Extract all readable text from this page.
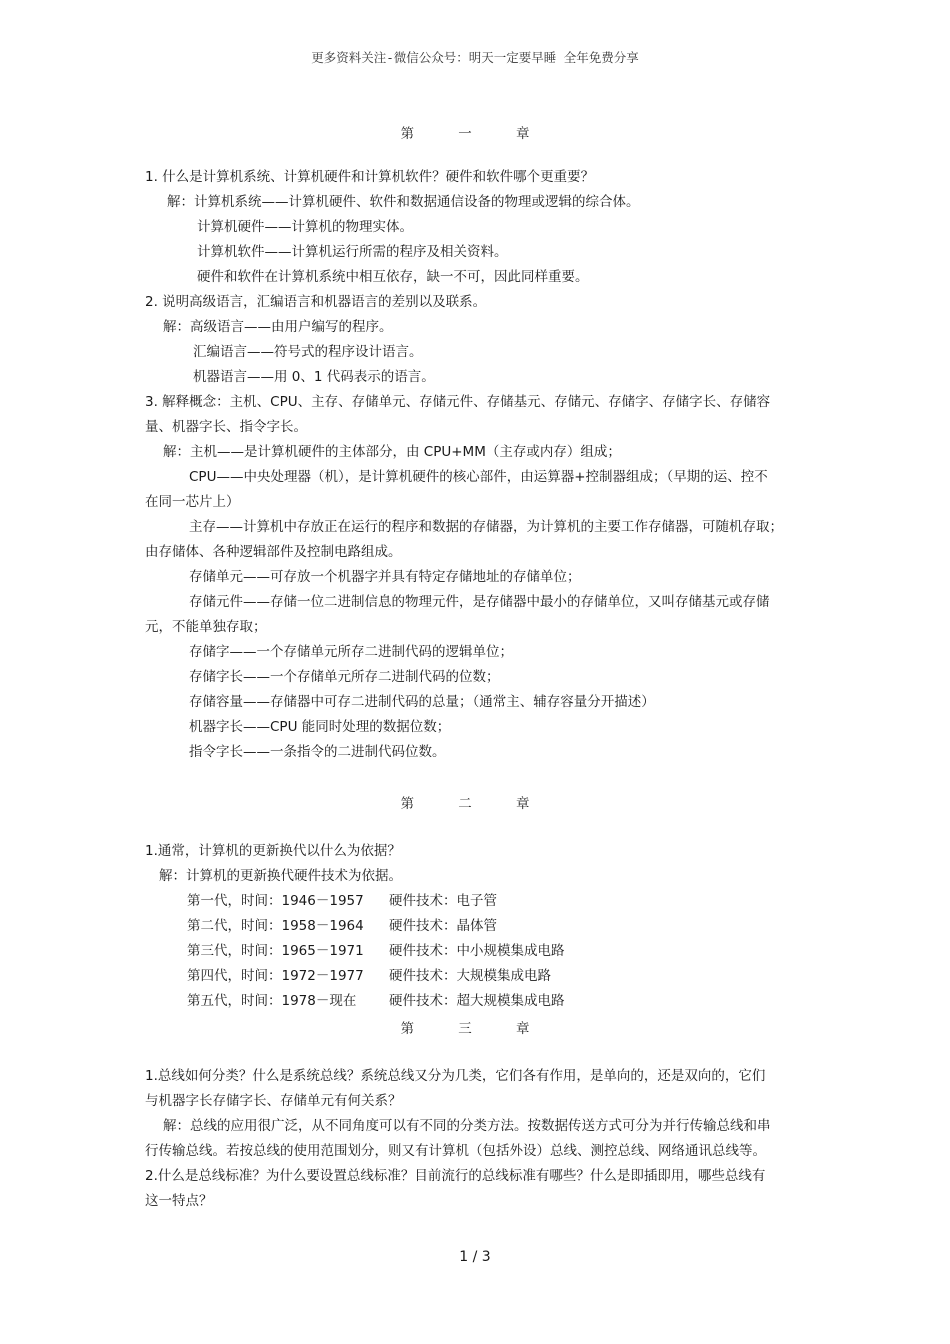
更多资料关注-微信公众号：明天一定要早睡 全年免费分享
第 一 章
1. 什么是计算机系统、计算机硬件和计算机软件？硬件和软件哪个更重要？
解：计算机系统——计算机硬件、软件和数据通信设备的物理或逻辑的综合体。
计算机硬件——计算机的物理实体。
计算机软件——计算机运行所需的程序及相关资料。
硬件和软件在计算机系统中相互依存，缺一不可，因此同样重要。
2. 说明高级语言，汇编语言和机器语言的差别以及联系。
解：高级语言——由用户编写的程序。
汇编语言——符号式的程序设计语言。
机器语言——用 0、1 代码表示的语言。
3. 解释概念：主机、CPU、主存、存储单元、存储元件、存储基元、存储元、存储字、存储字长、存储容
量、机器字长、指令字长。
解：主机——是计算机硬件的主体部分，由 CPU+MM（主存或内存）组成；
CPU——中央处理器（机），是计算机硬件的核心部件，由运算器+控制器组成；（早期的运、控不
在同一芯片上）
主存——计算机中存放正在运行的程序和数据的存储器，为计算机的主要工作存储器，可随机存取；
由存储体、各种逻辑部件及控制电路组成。
存储单元——可存放一个机器字并具有特定存储地址的存储单位；
存储元件——存储一位二进制信息的物理元件，是存储器中最小的存储单位，又叫存储基元或存储
元，不能单独存取；
存储字——一个存储单元所存二进制代码的逻辑单位；
存储字长——一个存储单元所存二进制代码的位数；
存储容量——存储器中可存二进制代码的总量；（通常主、辅存容量分开描述）
机器字长——CPU 能同时处理的数据位数；
指令字长——一条指令的二进制代码位数。
第 二 章
1.通常，计算机的更新换代以什么为依据？
解：计算机的更新换代硬件技术为依据。
第一代，时间：1946－1957 硬件技术：电子管
第二代，时间：1958－1964 硬件技术：晶体管
第三代，时间：1965－1971 硬件技术：中小规模集成电路
第四代，时间：1972－1977 硬件技术：大规模集成电路
第五代，时间：1978－现在 硬件技术：超大规模集成电路
第 三 章
1.总线如何分类？什么是系统总线？系统总线又分为几类，它们各有作用，是单向的，还是双向的，它们
与机器字长存储字长、存储单元有何关系？
解：总线的应用很广泛，从不同角度可以有不同的分类方法。按数据传送方式可分为并行传输总线和串
行传输总线。若按总线的使用范围划分，则又有计算机（包括外设）总线、测控总线、网络通讯总线等。
2.什么是总线标准？为什么要设置总线标准？目前流行的总线标准有哪些？什么是即插即用，哪些总线有
这一特点？
1 / 3
